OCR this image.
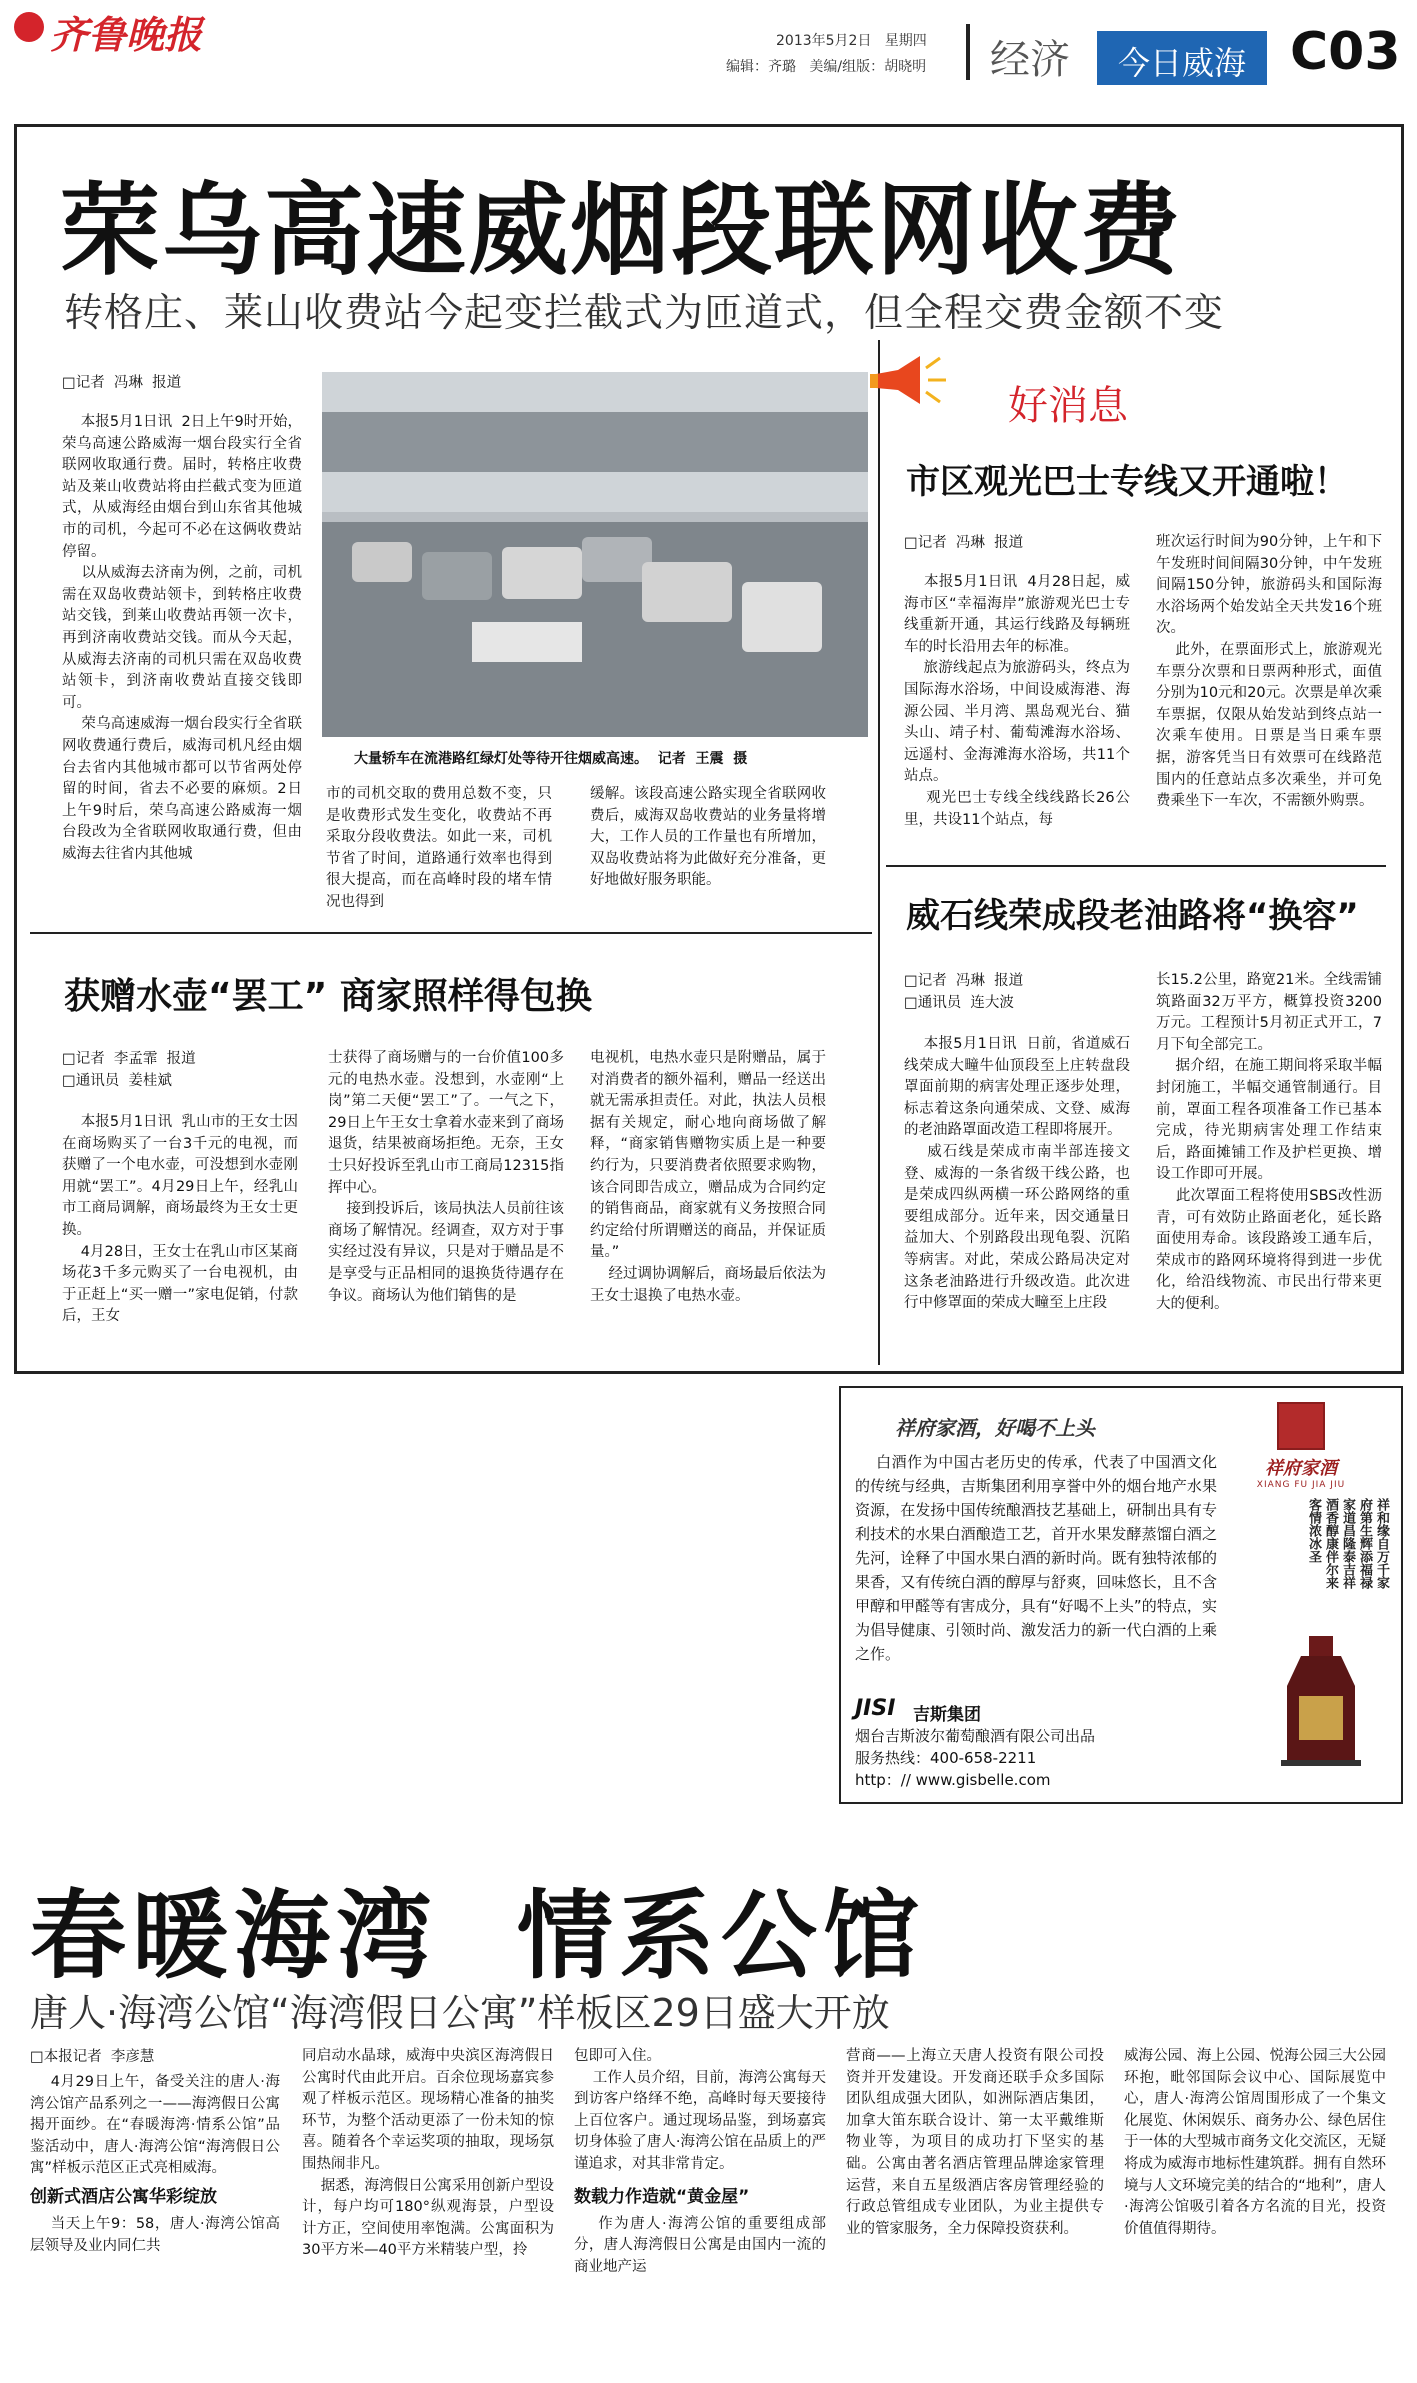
齐鲁晚报	2013年5月2日   星期四
编辑：齐璐   美编/组版：胡晓明 经济	今日威海 C03
荣乌高速威烟段联网收费
转格庄、莱山收费站今起变拦截式为匝道式，但全程交费金额不变
□记者  冯琳  报道
本报5月1日讯  2日上午9时开始，荣乌高速公路威海一烟台段实行全省联网收取通行费。届时，转格庄收费站及莱山收费站将由拦截式变为匝道式，从威海经由烟台到山东省其他城市的司机，今起可不必在这俩收费站停留。
以从威海去济南为例，之前，司机需在双岛收费站领卡，到转格庄收费站交钱，到莱山收费站再领一次卡，再到济南收费站交钱。而从今天起，从威海去济南的司机只需在双岛收费站领卡，到济南收费站直接交钱即可。
荣乌高速威海一烟台段实行全省联网收费通行费后，威海司机凡经由烟台去省内其他城市都可以节省两处停留的时间，省去不必要的麻烦。2日上午9时后，荣乌高速公路威海一烟台段改为全省联网收取通行费，但由威海去往省内其他城
大量轿车在流港路红绿灯处等待开往烟威高速。  记者  王震  摄
市的司机交取的费用总数不变，只是收费形式发生变化，收费站不再采取分段收费法。如此一来，司机节省了时间，道路通行效率也得到很大提高，而在高峰时段的堵车情况也得到
缓解。该段高速公路实现全省联网收费后，威海双岛收费站的业务量将增大，工作人员的工作量也有所增加，双岛收费站将为此做好充分准备，更好地做好服务职能。
好消息
市区观光巴士专线又开通啦！
□记者  冯琳  报道
本报5月1日讯  4月28日起，威海市区“幸福海岸”旅游观光巴士专线重新开通，其运行线路及每辆班车的时长沿用去年的标准。
旅游线起点为旅游码头，终点为国际海水浴场，中间设威海港、海源公园、半月湾、黑岛观光台、猫头山、靖子村、葡萄滩海水浴场、远遥村、金海滩海水浴场，共11个站点。
观光巴士专线全线线路长26公里，共设11个站点，每
班次运行时间为90分钟，上午和下午发班时间间隔30分钟，中午发班间隔150分钟，旅游码头和国际海水浴场两个始发站全天共发16个班次。
此外，在票面形式上，旅游观光车票分次票和日票两种形式，面值分别为10元和20元。次票是单次乘车票据，仅限从始发站到终点站一次乘车使用。日票是当日乘车票据，游客凭当日有效票可在线路范围内的任意站点多次乘坐，并可免费乘坐下一车次，不需额外购票。
获赠水壶“罢工” 商家照样得包换
□记者  李孟霏  报道
□通讯员  姜桂斌
本报5月1日讯  乳山市的王女士因在商场购买了一台3千元的电视，而获赠了一个电水壶，可没想到水壶刚用就“罢工”。4月29日上午，经乳山市工商局调解，商场最终为王女士更换。
4月28日，王女士在乳山市区某商场花3千多元购买了一台电视机，由于正赶上“买一赠一”家电促销，付款后，王女
士获得了商场赠与的一台价值100多元的电热水壶。没想到，水壶刚“上岗”第二天便“罢工”了。一气之下，29日上午王女士拿着水壶来到了商场退货，结果被商场拒绝。无奈，王女士只好投诉至乳山市工商局12315指挥中心。
接到投诉后，该局执法人员前往该商场了解情况。经调查，双方对于事实经过没有异议，只是对于赠品是不是享受与正品相同的退换货待遇存在争议。商场认为他们销售的是
电视机，电热水壶只是附赠品，属于对消费者的额外福利，赠品一经送出就无需承担责任。对此，执法人员根据有关规定，耐心地向商场做了解释，“商家销售赠物实质上是一种要约行为，只要消费者依照要求购物，该合同即告成立，赠品成为合同约定的销售商品，商家就有义务按照合同约定给付所谓赠送的商品，并保证质量。”
经过调协调解后，商场最后依法为王女士退换了电热水壶。
威石线荣成段老油路将“换容”
□记者  冯琳  报道
□通讯员  连大波
本报5月1日讯  日前，省道威石线荣成大疃牛仙顶段至上庄转盘段罩面前期的病害处理正逐步处理，标志着这条向通荣成、文登、威海的老油路罩面改造工程即将展开。
威石线是荣成市南半部连接文登、威海的一条省级干线公路，也是荣成四纵两横一环公路网络的重要组成部分。近年来，因交通量日益加大、个别路段出现龟裂、沉陷等病害。对此，荣成公路局决定对这条老油路进行升级改造。此次进行中修罩面的荣成大疃至上庄段
长15.2公里，路宽21米。全线需铺筑路面32万平方，概算投资3200万元。工程预计5月初正式开工，7月下旬全部完工。
据介绍，在施工期间将采取半幅封闭施工，半幅交通管制通行。目前，罩面工程各项准备工作已基本完成，待光期病害处理工作结束后，路面摊铺工作及护栏更换、增设工作即可开展。
此次罩面工程将使用SBS改性沥青，可有效防止路面老化，延长路面使用寿命。该段路竣工通车后，荣成市的路网环境将得到进一步优化，给沿线物流、市民出行带来更大的便利。
祥府家酒，好喝不上头
白酒作为中国古老历史的传承，代表了中国酒文化的传统与经典，吉斯集团利用享誉中外的烟台地产水果资源，在发扬中国传统酿酒技艺基础上，研制出具有专利技术的水果白酒酿造工艺，首开水果发酵蒸馏白酒之先河，诠释了中国水果白酒的新时尚。既有独特浓郁的果香，又有传统白酒的醇厚与舒爽，回味悠长，且不含甲醇和甲醛等有害成分，具有“好喝不上头”的特点，实为倡导健康、引领时尚、激发活力的新一代白酒的上乘之作。
JISI 吉斯集团
烟台吉斯波尔葡萄酿酒有限公司出品
服务热线：400-658-2211
http：// www.gisbelle.com
祥府家酒
XIANG FU JIA JIU
祥和缘自万千家
府第生辉添福禄
家道昌隆泰吉祥
酒香醇康伴尔来
客情浓冰圣
春暖海湾  情系公馆
唐人·海湾公馆“海湾假日公寓”样板区29日盛大开放
□本报记者  李彦慧
4月29日上午，备受关注的唐人·海湾公馆产品系列之一——海湾假日公寓揭开面纱。在“春暖海湾·情系公馆”品鉴活动中，唐人·海湾公馆“海湾假日公寓”样板示范区正式亮相威海。
创新式酒店公寓华彩绽放
当天上午9：58，唐人·海湾公馆高层领导及业内同仁共
同启动水晶球，威海中央滨区海湾假日公寓时代由此开启。百余位现场嘉宾参观了样板示范区。现场精心准备的抽奖环节，为整个活动更添了一份未知的惊喜。随着各个幸运奖项的抽取，现场氛围热闹非凡。
据悉，海湾假日公寓采用创新户型设计，每户均可180°纵观海景，户型设计方正，空间使用率饱满。公寓面积为30平方米—40平方米精装户型，拎
包即可入住。
工作人员介绍，目前，海湾公寓每天到访客户络绎不绝，高峰时每天要接待上百位客户。通过现场品鉴，到场嘉宾切身体验了唐人·海湾公馆在品质上的严谨追求，对其非常肯定。
数载力作造就“黄金屋”
作为唐人·海湾公馆的重要组成部分，唐人海湾假日公寓是由国内一流的商业地产运
营商——上海立天唐人投资有限公司投资并开发建设。开发商还联手众多国际团队组成强大团队，如洲际酒店集团，加拿大笛东联合设计、第一太平戴维斯物业等，为项目的成功打下坚实的基础。公寓由著名酒店管理品牌途家管理运营，来自五星级酒店客房管理经验的行政总管组成专业团队，为业主提供专业的管家服务，全力保障投资获利。
威海公园、海上公园、悦海公园三大公园环抱，毗邻国际会议中心、国际展览中心，唐人·海湾公馆周围形成了一个集文化展览、休闲娱乐、商务办公、绿色居住于一体的大型城市商务文化交流区，无疑将成为威海市地标性建筑群。拥有自然环境与人文环境完美的结合的“地利”，唐人·海湾公馆吸引着各方名流的目光，投资价值值得期待。
